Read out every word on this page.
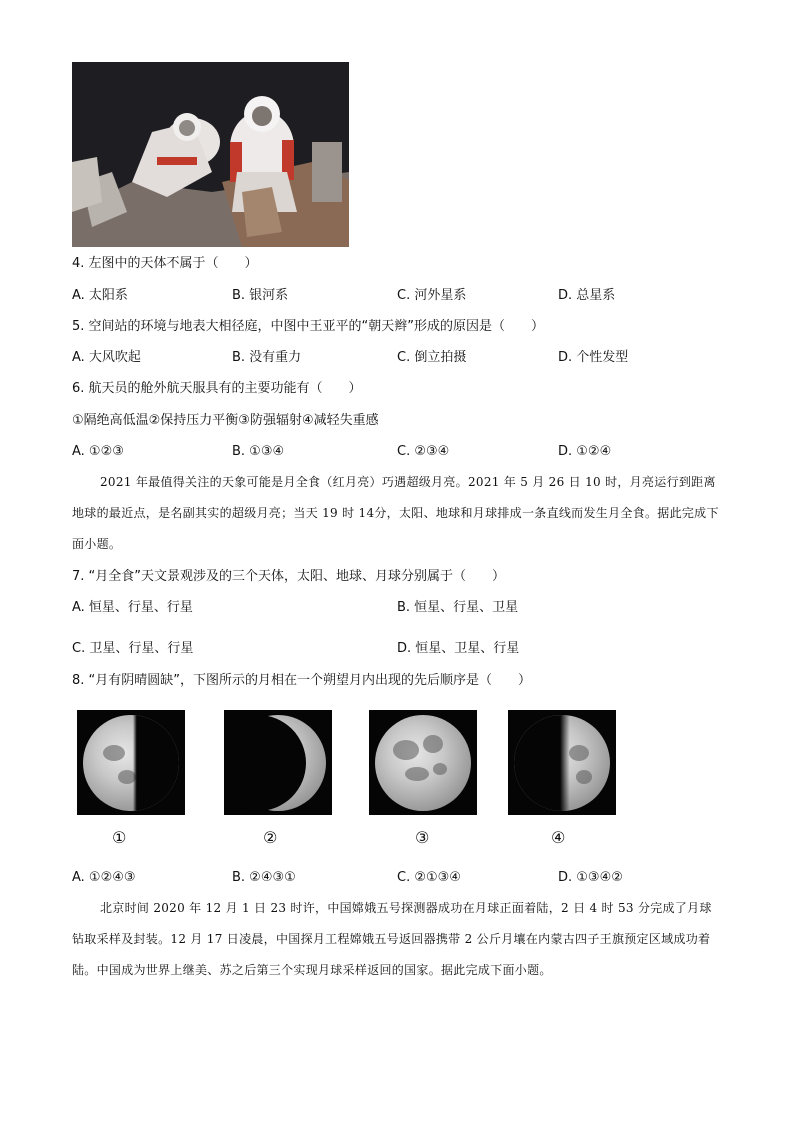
4. 左图中的天体不属于（　　）
A. 太阳系	B. 银河系	C. 河外星系	D. 总星系
5. 空间站的环境与地表大相径庭，中图中王亚平的“朝天辫”形成的原因是（　　）
A. 大风吹起	B. 没有重力	C. 倒立拍摄	D. 个性发型
6. 航天员的舱外航天服具有的主要功能有（　　）
①隔绝高低温②保持压力平衡③防强辐射④减轻失重感
A. ①②③	B. ①③④	C. ②③④	D. ①②④
2021 年最值得关注的天象可能是月全食（红月亮）巧遇超级月亮。2021 年 5 月 26 日 10 时，月亮运行到距离地球的最近点，是名副其实的超级月亮；当天 19 时 14分，太阳、地球和月球排成一条直线而发生月全食。据此完成下面小题。
7. “月全食”天文景观涉及的三个天体，太阳、地球、月球分别属于（　　）
A. 恒星、行星、行星	B. 恒星、行星、卫星
C. 卫星、行星、行星	D. 恒星、卫星、行星
8. “月有阴晴圆缺”，下图所示的月相在一个朔望月内出现的先后顺序是（　　）
①	②	③	④
A. ①②④③	B. ②④③①	C. ②①③④	D. ①③④②
北京时间 2020 年 12 月 1 日 23 时许，中国嫦娥五号探测器成功在月球正面着陆，2 日 4 时 53 分完成了月球钻取采样及封装。12 月 17 日凌晨，中国探月工程嫦娥五号返回器携带 2 公斤月壤在内蒙古四子王旗预定区域成功着陆。中国成为世界上继美、苏之后第三个实现月球采样返回的国家。据此完成下面小题。
